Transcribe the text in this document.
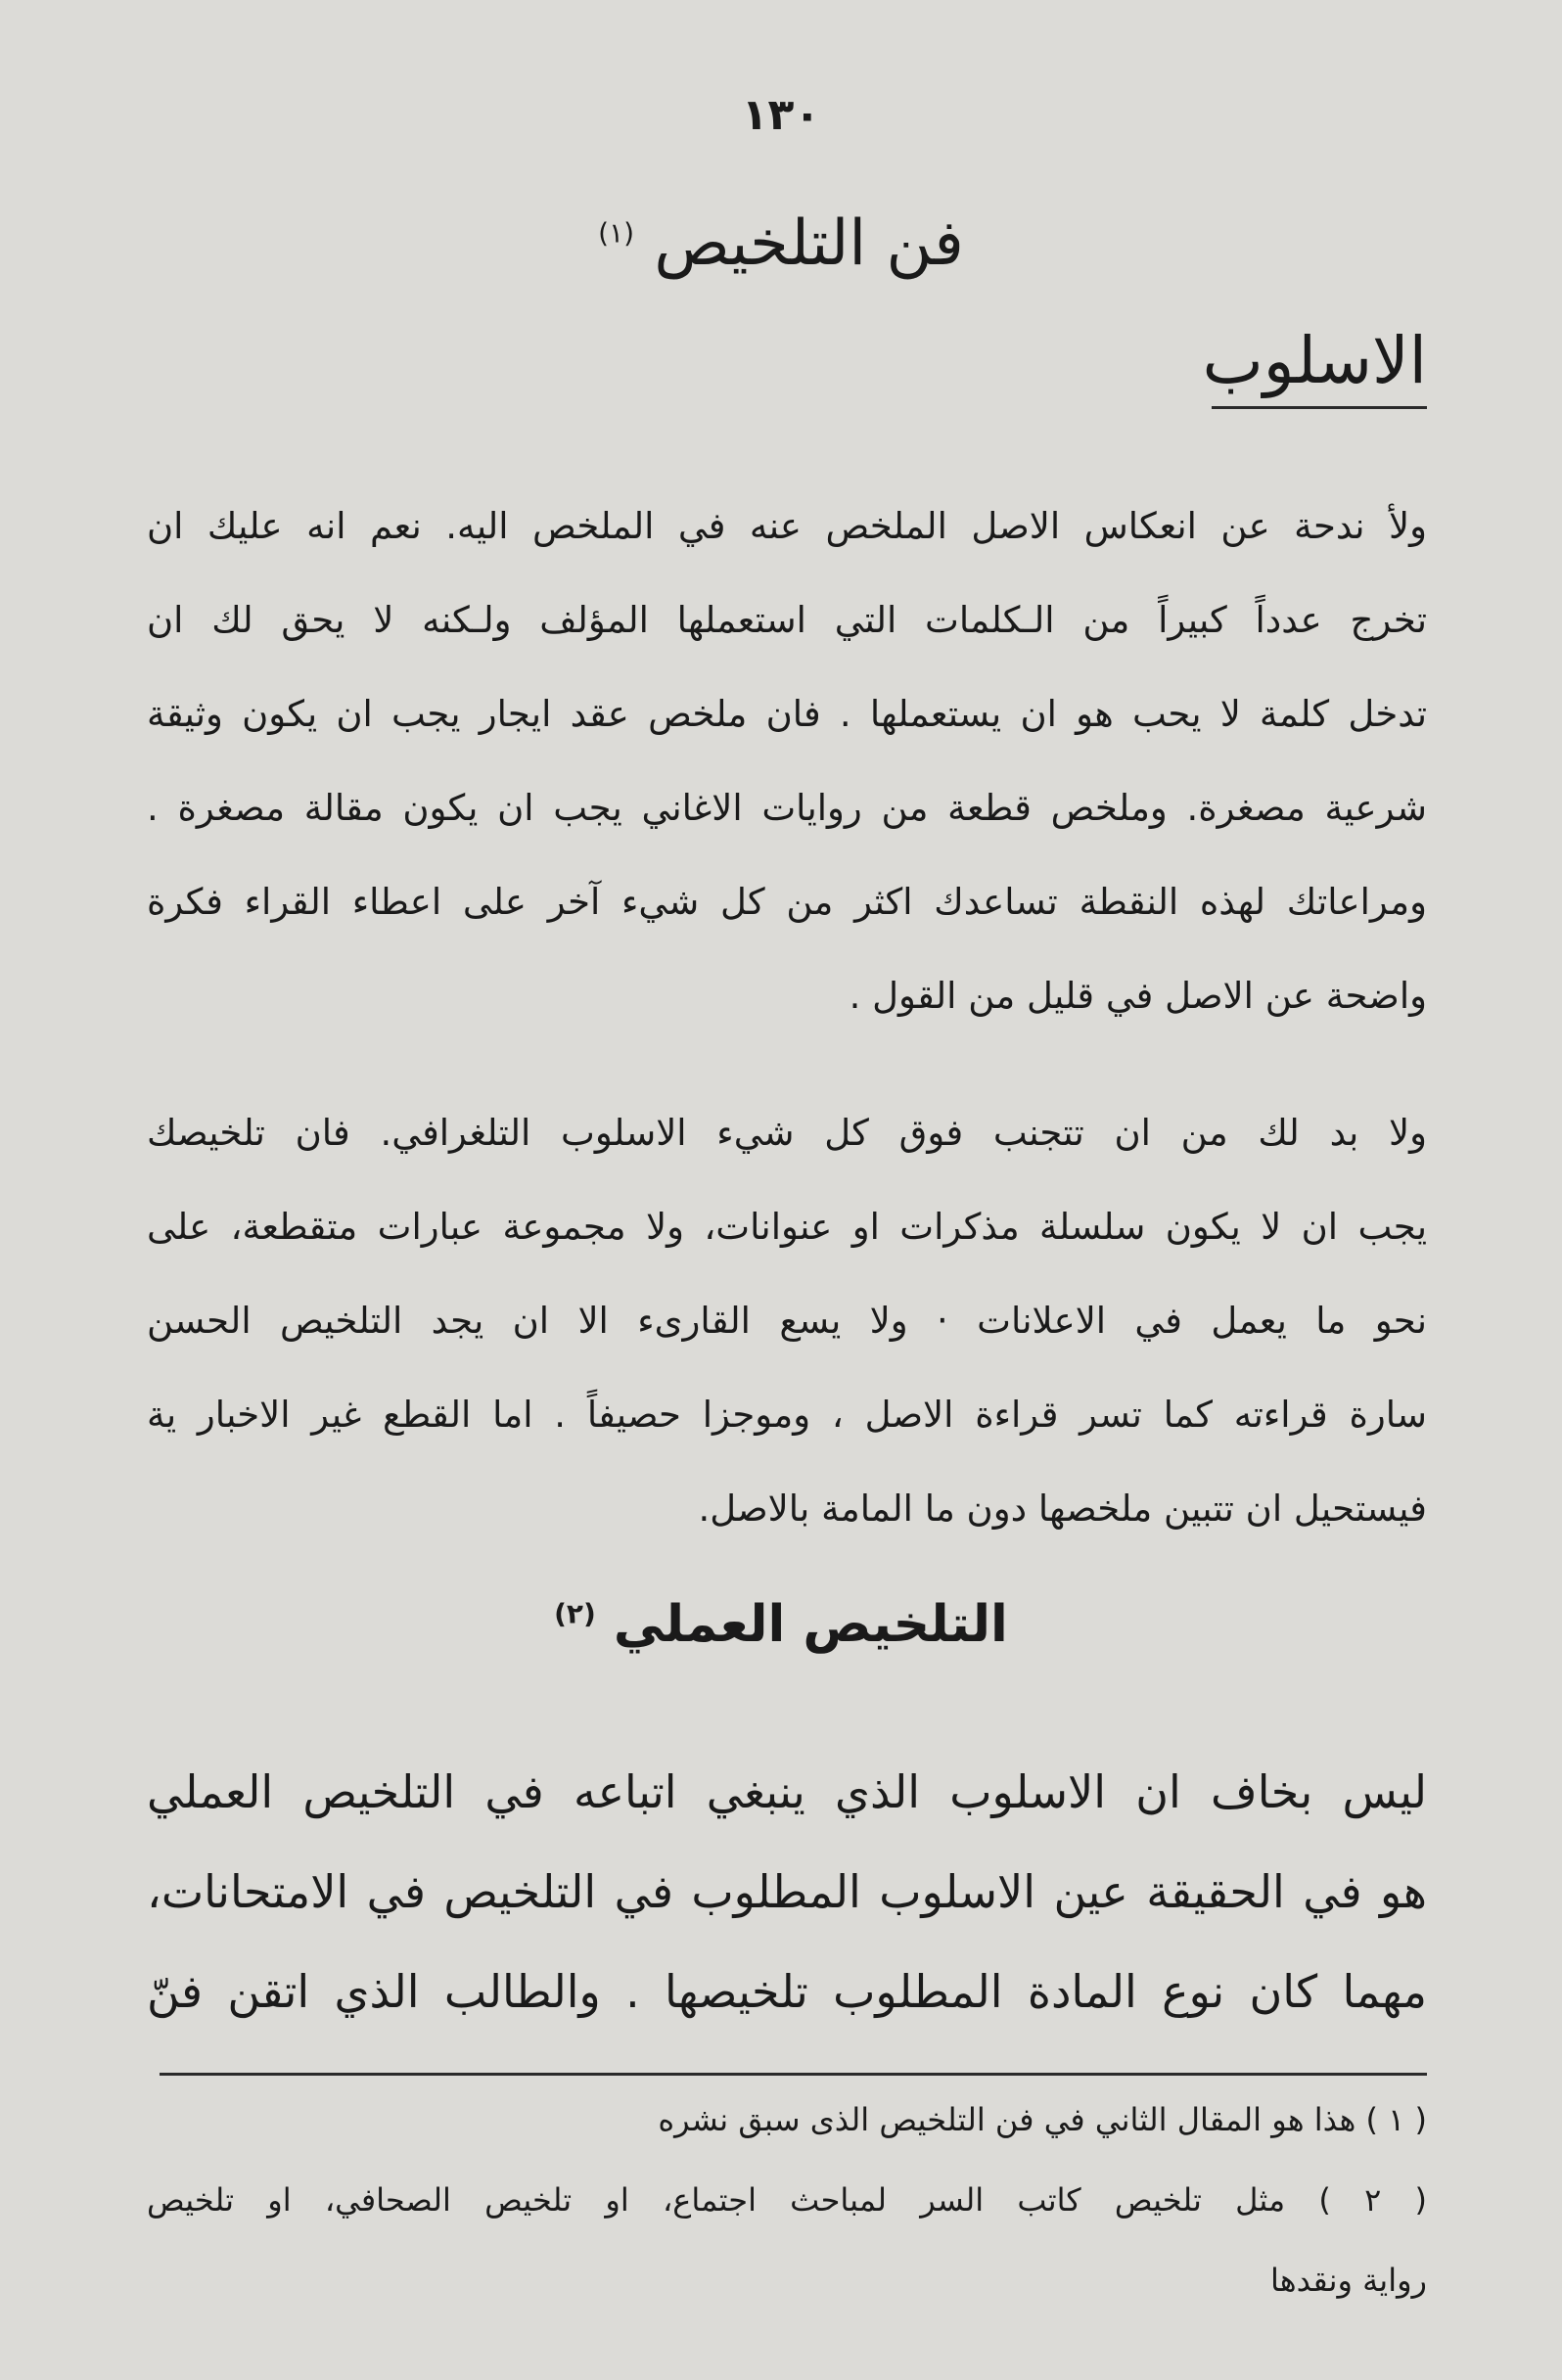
١٣٠
فن التلخيص $^{(١)}$
الاسلوب
ولأ ندحة عن انعكاس الاصل الملخص عنه في الملخص اليه. نعم انه عليك ان
تخرج عدداً كبيراً من الـكلمات التي استعملها المؤلف ولـكنه لا يحق لك ان
تدخل كلمة لا يحب هو ان يستعملها . فان ملخص عقد ايجار يجب ان يكون وثيقة
شرعية مصغرة. وملخص قطعة من روايات الاغاني يجب ان يكون مقالة مصغرة .
ومراعاتك لهذه النقطة تساعدك اكثر من كل شيء آخر على اعطاء القراء فكرة
واضحة عن الاصل في قليل من القول .
ولا بد لك من ان تتجنب فوق كل شيء الاسلوب التلغرافي. فان تلخيصك
يجب ان لا يكون سلسلة مذكرات او عنوانات، ولا مجموعة عبارات متقطعة، على
نحو ما يعمل في الاعلانات · ولا يسع القارىء الا ان يجد التلخيص الحسن
سارة قراءته كما تسر قراءة الاصل ، وموجزا حصيفاً . اما القطع غير الاخبار ية
فيستحيل ان تتبين ملخصها دون ما المامة بالاصل.
التلخيص العملي $^{(٢)}$
ليس بخاف ان الاسلوب الذي ينبغي اتباعه في التلخيص العملي
هو في الحقيقة عين الاسلوب المطلوب في التلخيص في الامتحانات،
مهما كان نوع المادة المطلوب تلخيصها . والطالب الذي اتقن فنّ
( ١ ) هذا هو المقال الثاني في فن التلخيص الذى سبق نشره
( ٢ ) مثل تلخيص كاتب السر لمباحث اجتماع، او تلخيص الصحافي، او تلخيص
رواية ونقدها
